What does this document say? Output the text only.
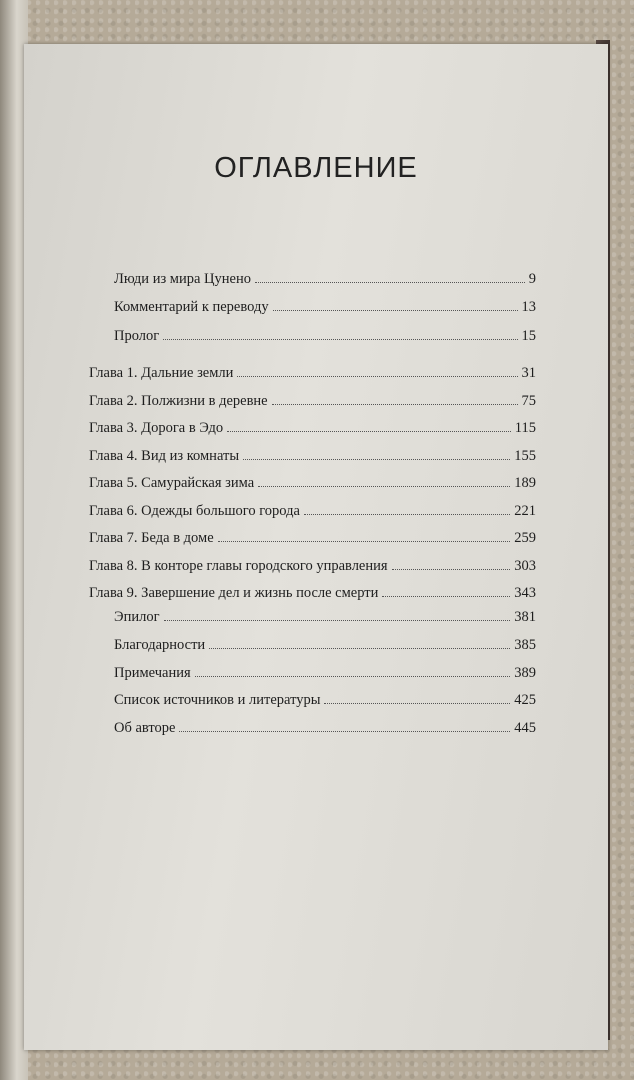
ОГЛАВЛЕНИЕ
Люди из мира Цунено	9
Комментарий к переводу	13
Пролог	15
Глава 1. Дальние земли	31
Глава 2. Полжизни в деревне	75
Глава 3. Дорога в Эдо	115
Глава 4. Вид из комнаты	155
Глава 5. Самурайская зима	189
Глава 6. Одежды большого города	221
Глава 7. Беда в доме	259
Глава 8. В конторе главы городского управления	303
Глава 9. Завершение дел и жизнь после смерти	343
Эпилог	381
Благодарности	385
Примечания	389
Список источников и литературы	425
Об авторе	445
